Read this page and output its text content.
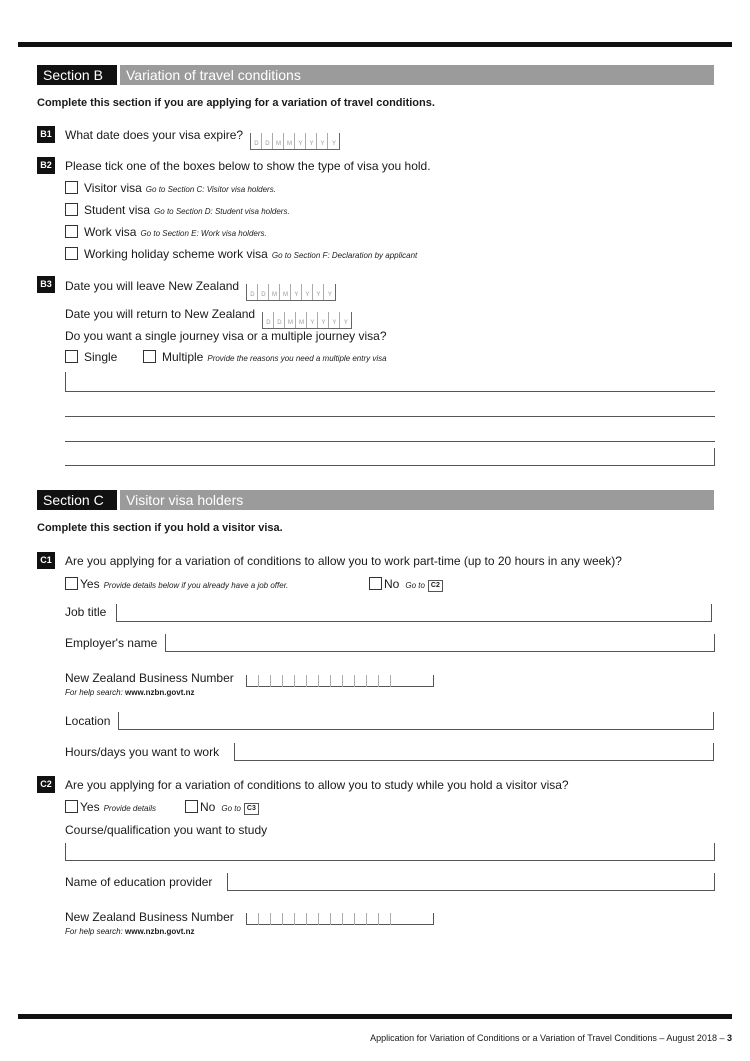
Section B	Variation of travel conditions
Complete this section if you are applying for a variation of travel conditions.
B1 What date does your visa expire? D D M M Y Y Y Y
B2 Please tick one of the boxes below to show the type of visa you hold.
Visitor visa Go to Section C: Visitor visa holders.
Student visa Go to Section D: Student visa holders.
Work visa Go to Section E: Work visa holders.
Working holiday scheme work visa Go to Section F: Declaration by applicant
B3 Date you will leave New Zealand D D M M Y Y Y Y
Date you will return to New Zealand D D M M Y Y Y Y
Do you want a single journey visa or a multiple journey visa?
Single	Multiple Provide the reasons you need a multiple entry visa
Section C	Visitor visa holders
Complete this section if you hold a visitor visa.
C1 Are you applying for a variation of conditions to allow you to work part-time (up to 20 hours in any week)?
Yes Provide details below if you already have a job offer.	No Go to C2
Job title
Employer's name
New Zealand Business Number
For help search: www.nzbn.govt.nz
Location
Hours/days you want to work
C2 Are you applying for a variation of conditions to allow you to study while you hold a visitor visa?
Yes Provide details	No Go to C3
Course/qualification you want to study
Name of education provider
New Zealand Business Number
For help search: www.nzbn.govt.nz
Application for Variation of Conditions or a Variation of Travel Conditions – August 2018 – 3
